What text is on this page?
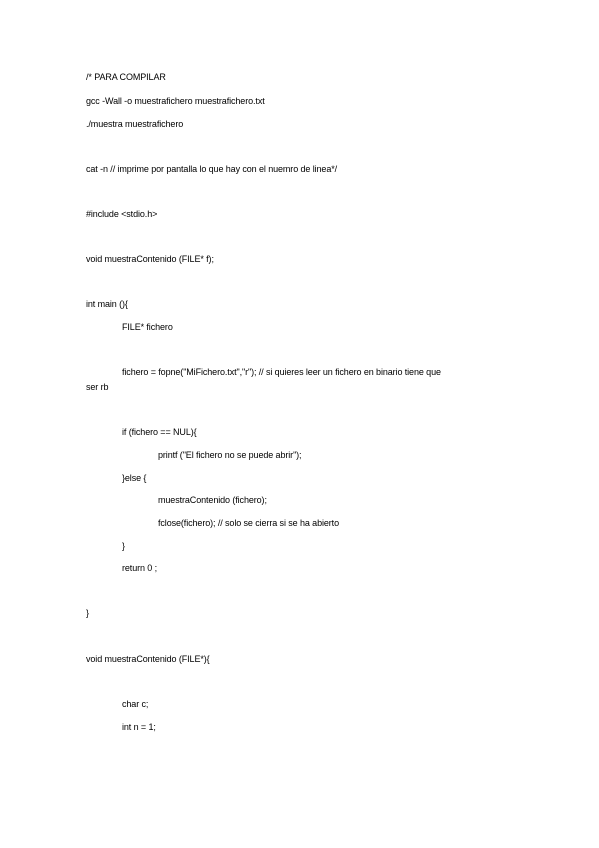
/* PARA COMPILAR
gcc -Wall -o muestrafichero muestrafichero.txt
./muestra muestrafichero
cat -n // imprime por pantalla lo que hay con el nuemro de linea*/
#include <stdio.h>
void muestraContenido (FILE* f);
int main (){
FILE* fichero
fichero = fopne("MiFichero.txt","r"); // si quieres leer un fichero en binario tiene que
ser rb
if (fichero == NUL){
printf ("El fichero no se puede abrir");
}else {
muestraContenido (fichero);
fclose(fichero); // solo se cierra si se ha abierto
}
return 0 ;
}
void muestraContenido (FILE*){
char c;
int n = 1;
